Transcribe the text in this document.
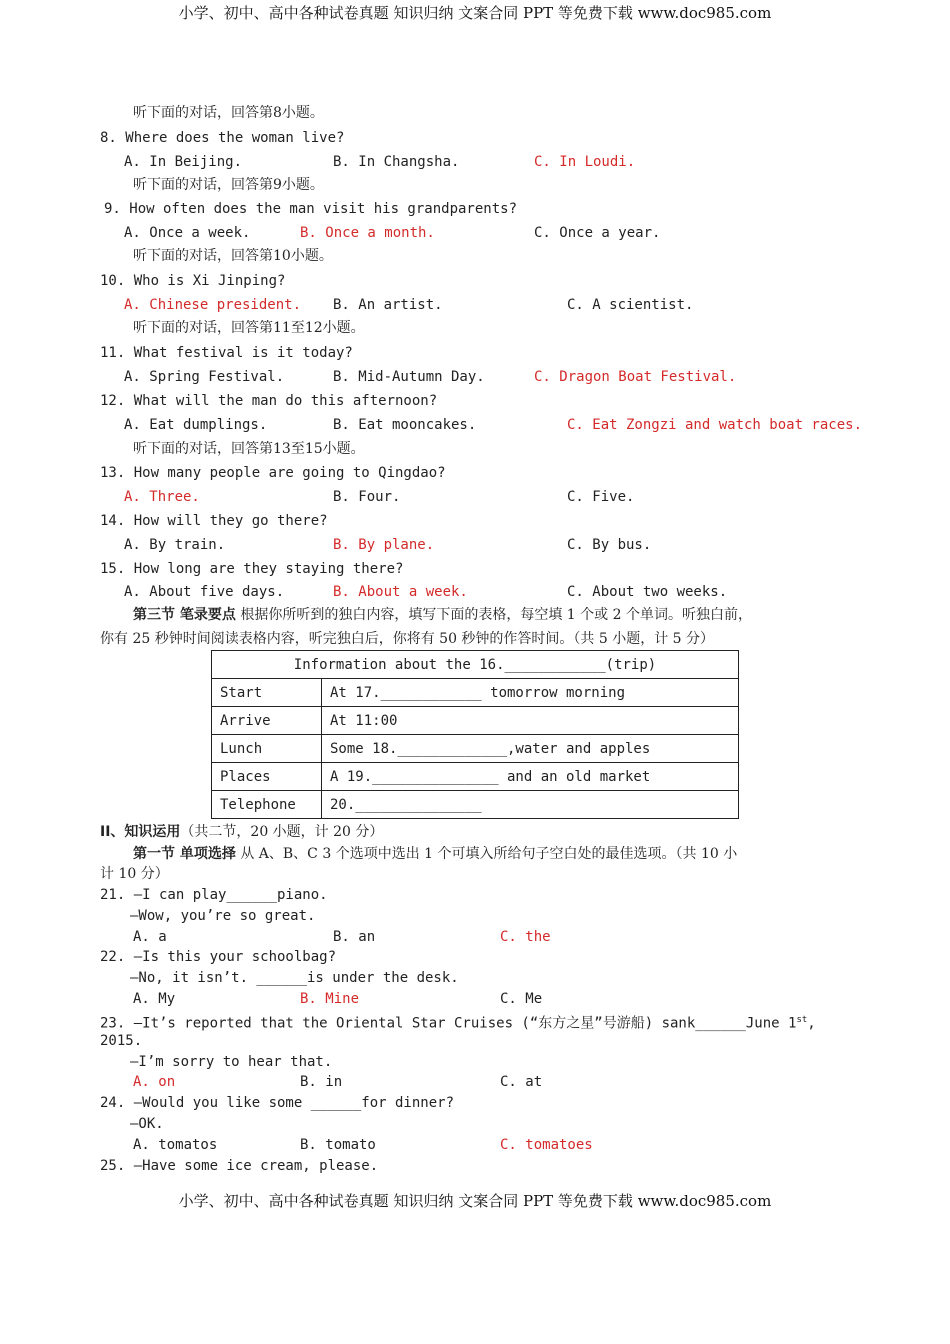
小学、初中、高中各种试卷真题 知识归纳 文案合同 PPT 等免费下载 www.doc985.com
听下面的对话，回答第8小题。
8. Where does the woman live?
A. In Beijing.	B. In Changsha.	C. In Loudi.
听下面的对话，回答第9小题。
9. How often does the man visit his grandparents?
A. Once a week.	B. Once a month.	C. Once a year.
听下面的对话，回答第10小题。
10. Who is Xi Jinping?
A. Chinese president. B. An artist.	C. A scientist.
听下面的对话，回答第11至12小题。
11. What festival is it today?
A. Spring Festival.	B. Mid-Autumn Day.	C. Dragon Boat Festival.
12. What will the man do this afternoon?
A. Eat dumplings.	B. Eat mooncakes.	C. Eat Zongzi and watch boat races.
听下面的对话，回答第13至15小题。
13. How many people are going to Qingdao?
A. Three.	B. Four.	C. Five.
14. How will they go there?
A. By train.	B. By plane.	C. By bus.
15. How long are they staying there?
A. About five days.	B. About a week.	C. About two weeks.
第三节 笔录要点 根据你所听到的独白内容，填写下面的表格，每空填 1 个或 2 个单词。听独白前，
你有 25 秒钟时间阅读表格内容，听完独白后，你将有 50 秒钟的作答时间。（共 5 小题，计 5 分）
Information about the 16.____________(trip)	
Start	At 17.____________ tomorrow morning
Arrive	At 11:00
Lunch	Some 18._____________,water and apples
Places	A 19._______________ and an old market
Telephone	20._______________
II、知识运用（共二节，20 小题，计 20 分）
第一节 单项选择 从 A、B、C 3 个选项中选出 1 个可填入所给句子空白处的最佳选项。（共 10 小
计 10 分）
21. —I can play______piano.
—Wow, you’re so great.
A. a	B. an	C. the
22. —Is this your schoolbag?
—No, it isn’t. ______is under the desk.
A. My	B. Mine	C. Me
23. —It’s reported that the Oriental Star Cruises (“东方之星”号游船) sank______June 1st,
2015.
—I’m sorry to hear that.
A. on	B. in	C. at
24. —Would you like some ______for dinner?
—OK.
A. tomatos	B. tomato	C. tomatoes
25. —Have some ice cream, please.
小学、初中、高中各种试卷真题 知识归纳 文案合同 PPT 等免费下载 www.doc985.com
